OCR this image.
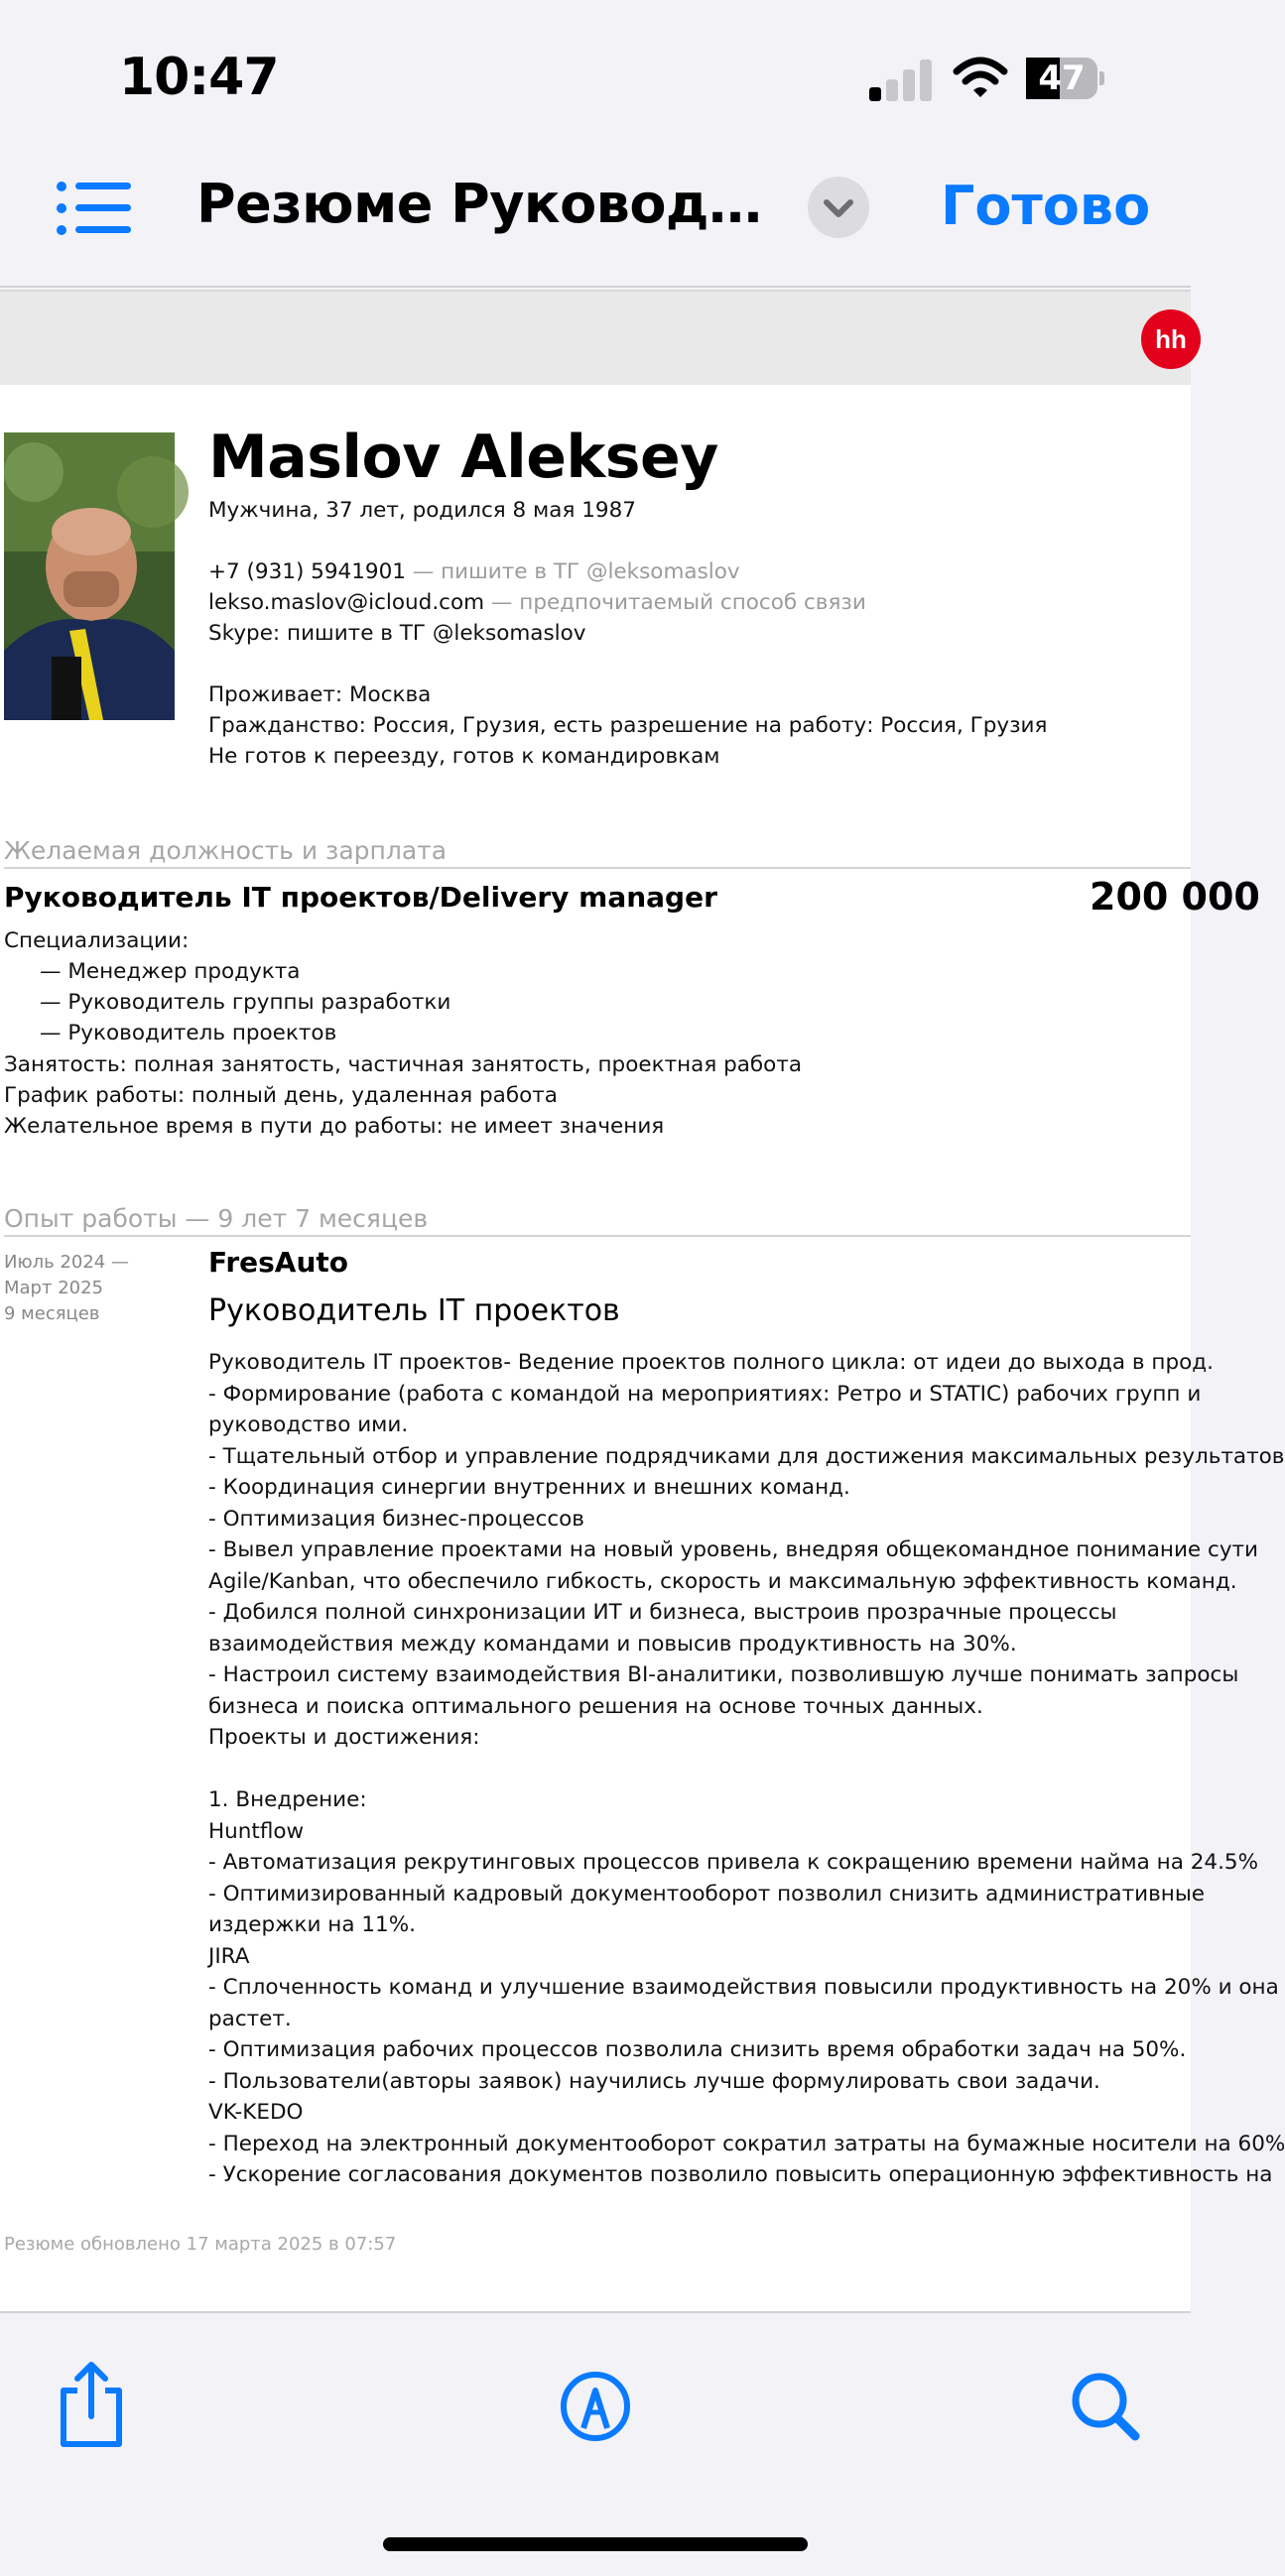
10:47	47
Резюме Руковод…	Готово
hh
Maslov Aleksey
Мужчина, 37 лет, родился 8 мая 1987
+7 (931) 5941901 — пишите в ТГ @leksomaslov
lekso.maslov@icloud.com — предпочитаемый способ связи
Skype: пишите в ТГ @leksomaslov
Проживает: Москва
Гражданство: Россия, Грузия, есть разрешение на работу: Россия, Грузия
Не готов к переезду, готов к командировкам
Желаемая должность и зарплата
Руководитель IT проектов/Delivery manager	200 000
Специализации:
— Менеджер продукта
— Руководитель группы разработки
— Руководитель проектов
Занятость: полная занятость, частичная занятость, проектная работа
График работы: полный день, удаленная работа
Желательное время в пути до работы: не имеет значения
Опыт работы — 9 лет 7 месяцев
Июль 2024 —
Март 2025
9 месяцев
FresAuto
Руководитель IT проектов
Руководитель IT проектов- Ведение проектов полного цикла: от идеи до выхода в прод.
- Формирование (работа с командой на мероприятиях: Ретро и STATIC) рабочих групп и
руководство ими.
- Тщательный отбор и управление подрядчиками для достижения максимальных результатов
- Координация синергии внутренних и внешних команд.
- Оптимизация бизнес-процессов
- Вывел управление проектами на новый уровень, внедряя общекомандное понимание сути
Agile/Kanban, что обеспечило гибкость, скорость и максимальную эффективность команд.
- Добился полной синхронизации ИТ и бизнеса, выстроив прозрачные процессы
взаимодействия между командами и повысив продуктивность на 30%.
- Настроил систему взаимодействия BI-аналитики, позволившую лучше понимать запросы
бизнеса и поиска оптимального решения на основе точных данных.
Проекты и достижения:
1. Внедрение:
Huntflow
- Автоматизация рекрутинговых процессов привела к сокращению времени найма на 24.5%
- Оптимизированный кадровый документооборот позволил снизить административные
издержки на 11%.
JIRA
- Сплоченность команд и улучшение взаимодействия повысили продуктивность на 20% и она
растет.
- Оптимизация рабочих процессов позволила снизить время обработки задач на 50%.
- Пользователи(авторы заявок) научились лучше формулировать свои задачи.
VK-KEDO
- Переход на электронный документооборот сократил затраты на бумажные носители на 60%
- Ускорение согласования документов позволило повысить операционную эффективность на
Резюме обновлено 17 марта 2025 в 07:57
